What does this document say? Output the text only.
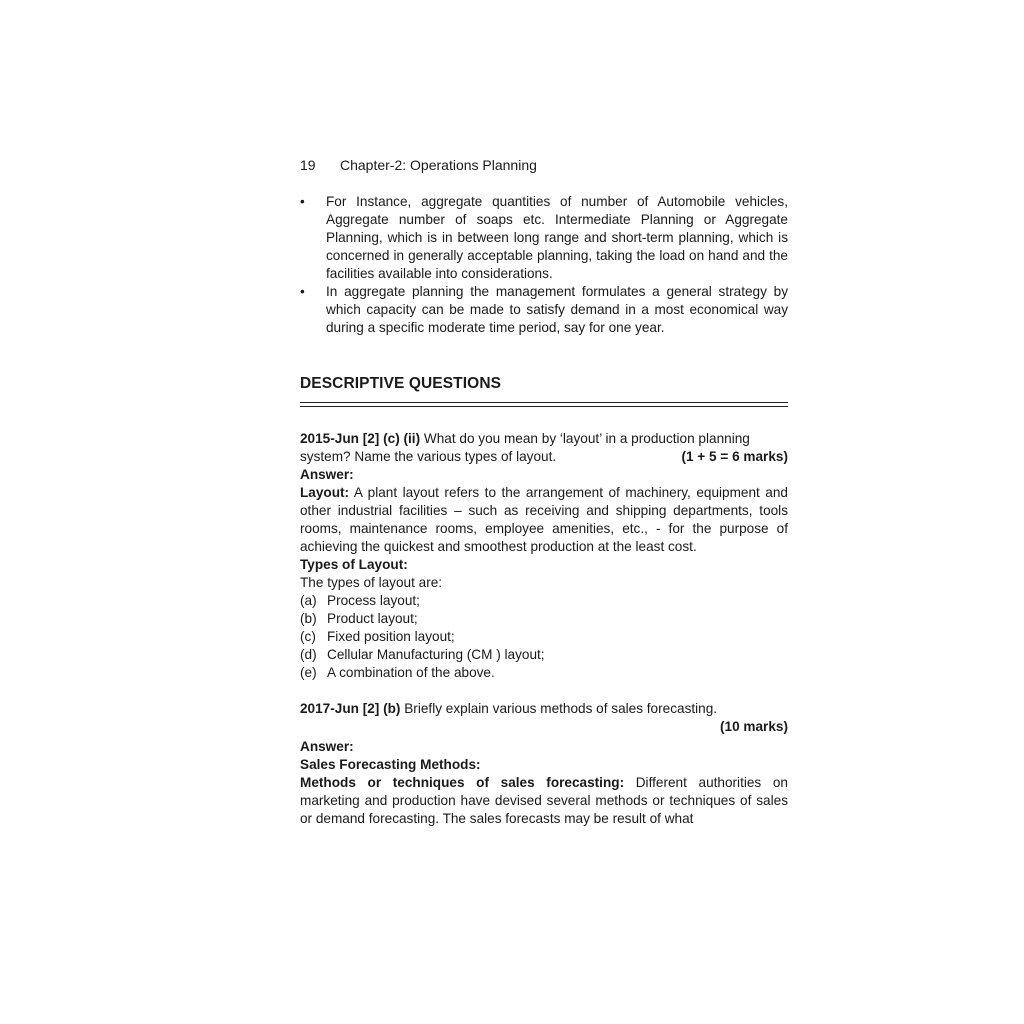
19 Chapter-2: Operations Planning
• For Instance, aggregate quantities of number of Automobile vehicles, Aggregate number of soaps etc. Intermediate Planning or Aggregate Planning, which is in between long range and short-term planning, which is concerned in generally acceptable planning, taking the load on hand and the facilities available into considerations.
• In aggregate planning the management formulates a general strategy by which capacity can be made to satisfy demand in a most economical way during a specific moderate time period, say for one year.
DESCRIPTIVE QUESTIONS
2015-Jun [2] (c) (ii) What do you mean by ‘layout’ in a production planning
system? Name the various types of layout.	(1 + 5 = 6 marks)
Answer:
Layout: A plant layout refers to the arrangement of machinery, equipment and other industrial facilities – such as receiving and shipping departments, tools rooms, maintenance rooms, employee amenities, etc., - for the purpose of achieving the quickest and smoothest production at the least cost.
Types of Layout:
The types of layout are:
(a) Process layout;
(b) Product layout;
(c) Fixed position layout;
(d) Cellular Manufacturing (CM ) layout;
(e) A combination of the above.
2017-Jun [2] (b) Briefly explain various methods of sales forecasting.
(10 marks)
Answer:
Sales Forecasting Methods:
Methods or techniques of sales forecasting: Different authorities on marketing and production have devised several methods or techniques of sales or demand forecasting. The sales forecasts may be result of what
